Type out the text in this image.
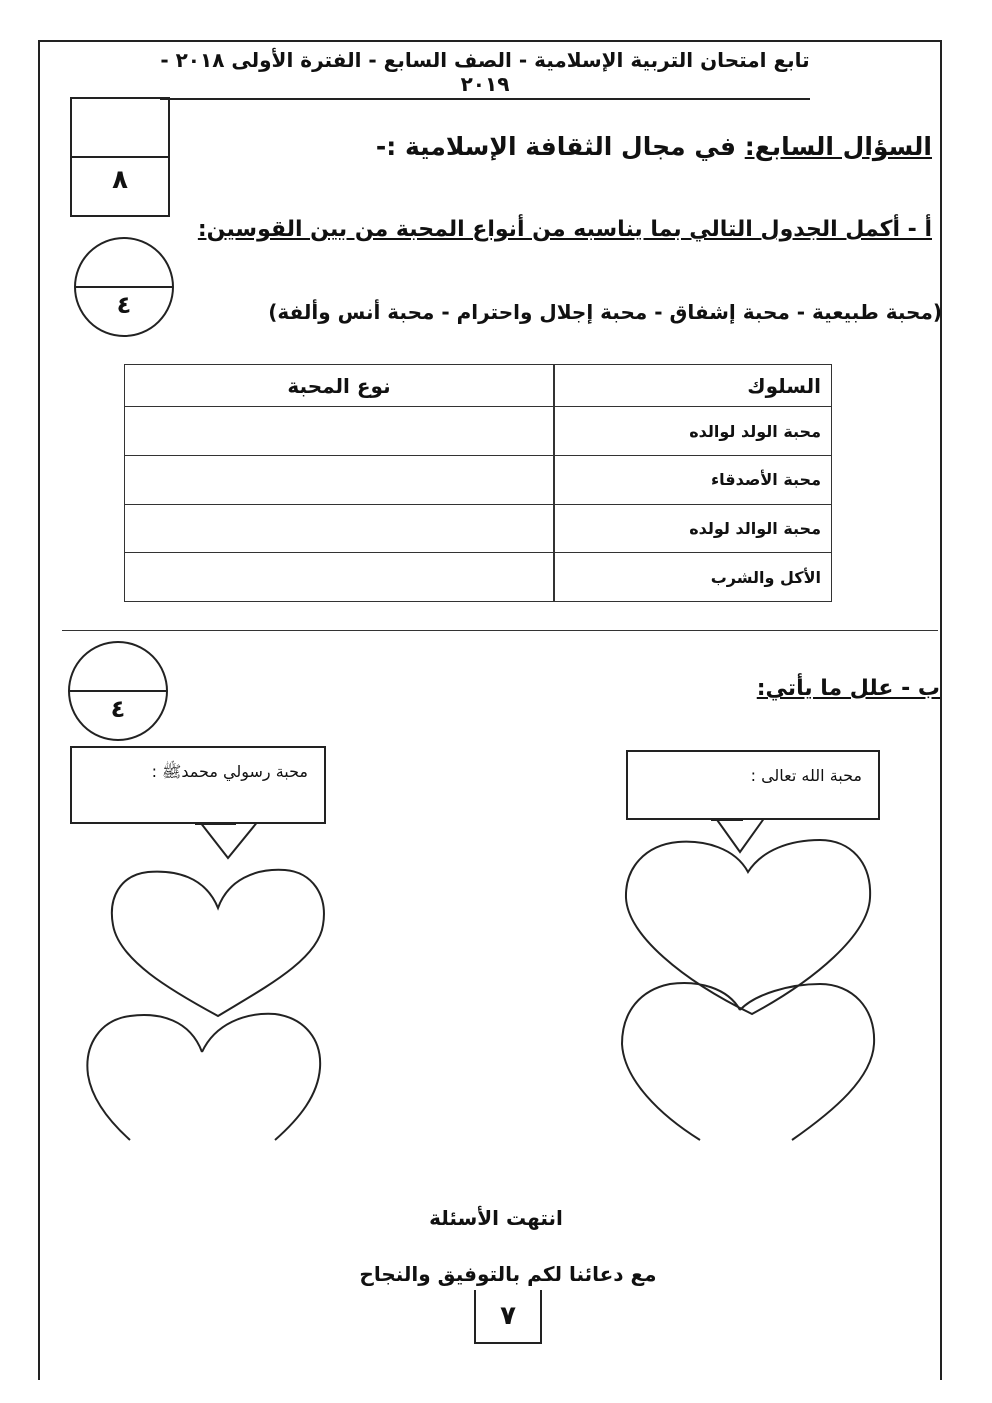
تابع امتحان التربية الإسلامية - الصف السابع - الفترة الأولى ٢٠١٨ - ٢٠١٩
٨
السؤال السابع: في مجال الثقافة الإسلامية :-
٤
أ - أكمل الجدول التالي بما يناسبه من أنواع المحبة من بين القوسين:
(محبة طبيعية - محبة إشفاق - محبة إجلال واحترام - محبة أنس وألفة)
السلوك	نوع المحبة
محبة الولد لوالده	
محبة الأصدقاء	
محبة الوالد لولده	
الأكل والشرب	
٤
ب - علل ما يأتي:
محبة رسولي محمدﷺ :	محبة الله تعالى :
انتهت الأسئلة
مع دعائنا لكم بالتوفيق والنجاح
٧
